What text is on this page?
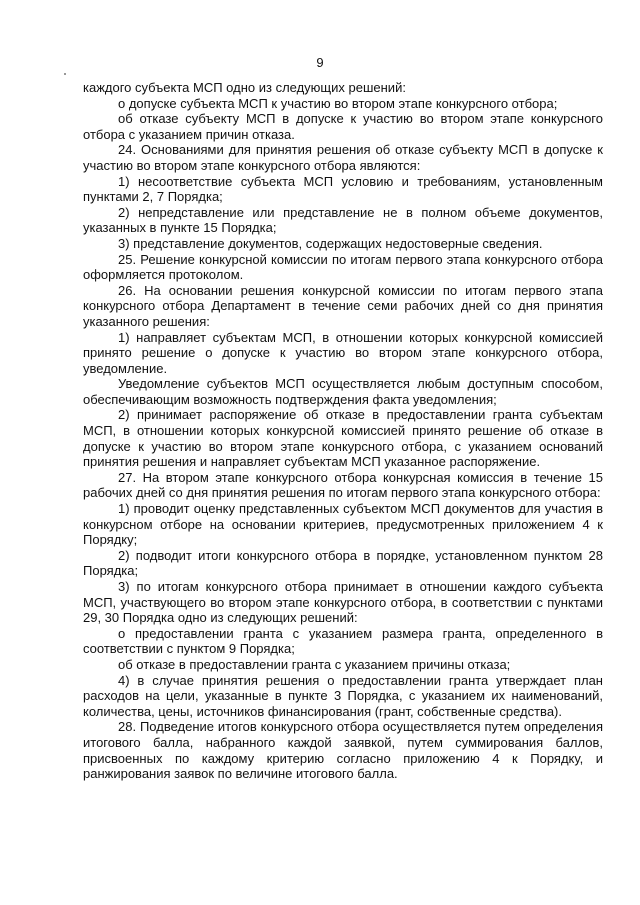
9

каждого субъекта МСП одно из следующих решений:

о допуске субъекта МСП к участию во втором этапе конкурсного отбора;

об отказе субъекту МСП в допуске к участию во втором этапе конкурсного отбора с указанием причин отказа.

24. Основаниями для принятия решения об отказе субъекту МСП в допуске к участию во втором этапе конкурсного отбора являются:

1) несоответствие субъекта МСП условию и требованиям, установленным пунктами 2, 7 Порядка;

2) непредставление или представление не в полном объеме документов, указанных в пункте 15 Порядка;

3) представление документов, содержащих недостоверные сведения.

25. Решение конкурсной комиссии по итогам первого этапа конкурсного отбора оформляется протоколом.

26. На основании решения конкурсной комиссии по итогам первого этапа конкурсного отбора Департамент в течение семи рабочих дней со дня принятия указанного решения:

1) направляет субъектам МСП, в отношении которых конкурсной комиссией принято решение о допуске к участию во втором этапе конкурсного отбора, уведомление.

Уведомление субъектов МСП осуществляется любым доступным способом, обеспечивающим возможность подтверждения факта уведомления;

2) принимает распоряжение об отказе в предоставлении гранта субъектам МСП, в отношении которых конкурсной комиссией принято решение об отказе в допуске к участию во втором этапе конкурсного отбора, с указанием оснований принятия решения и направляет субъектам МСП указанное распоряжение.

27. На втором этапе конкурсного отбора конкурсная комиссия в течение 15 рабочих дней со дня принятия решения по итогам первого этапа конкурсного отбора:

1) проводит оценку представленных субъектом МСП документов для участия в конкурсном отборе на основании критериев, предусмотренных приложением 4 к Порядку;

2) подводит итоги конкурсного отбора в порядке, установленном пунктом 28 Порядка;

3) по итогам конкурсного отбора принимает в отношении каждого субъекта МСП, участвующего во втором этапе конкурсного отбора, в соответствии с пунктами 29, 30 Порядка одно из следующих решений:

о предоставлении гранта с указанием размера гранта, определенного в соответствии с пунктом 9 Порядка;

об отказе в предоставлении гранта с указанием причины отказа;

4) в случае принятия решения о предоставлении гранта утверждает план расходов на цели, указанные в пункте 3 Порядка, с указанием их наименований, количества, цены, источников финансирования (грант, собственные средства).

28. Подведение итогов конкурсного отбора осуществляется путем определения итогового балла, набранного каждой заявкой, путем суммирования баллов, присвоенных по каждому критерию согласно приложению 4 к Порядку, и ранжирования заявок по величине итогового балла.
